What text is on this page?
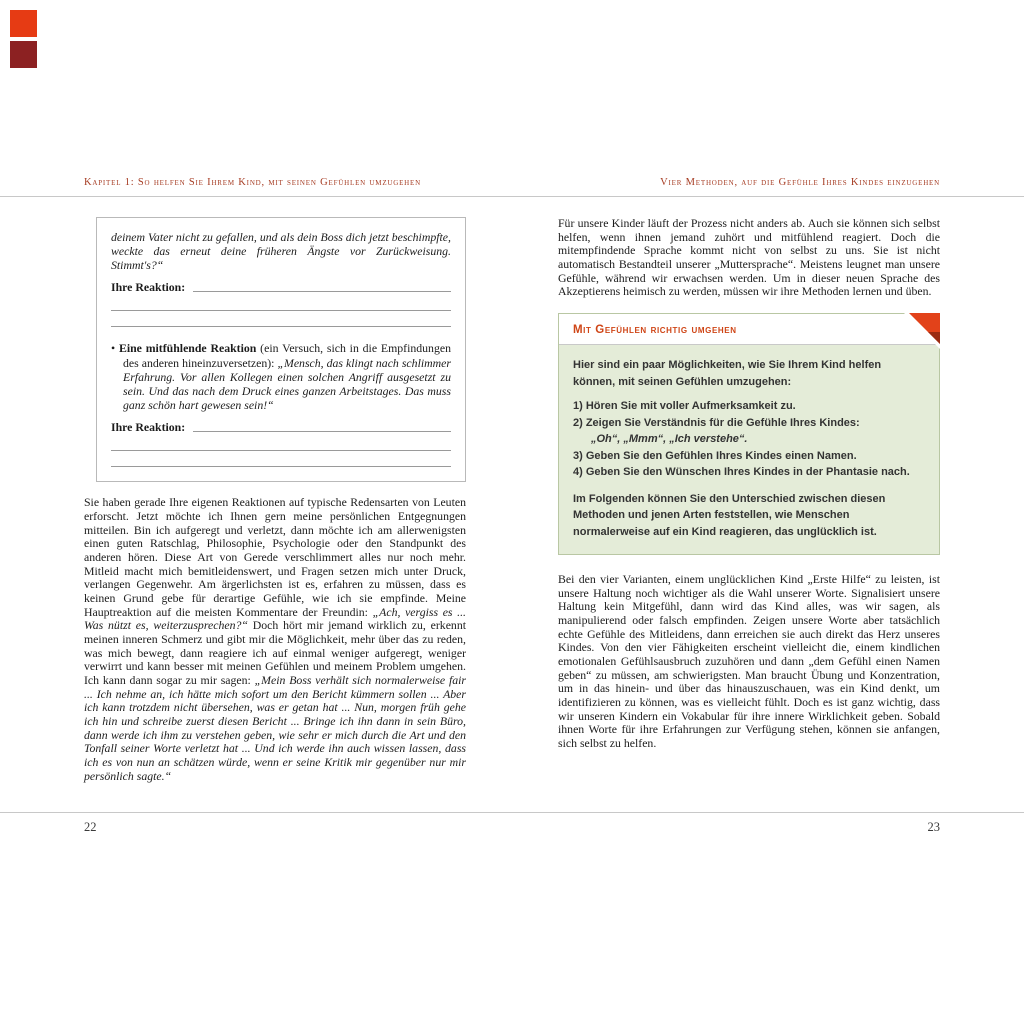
Kapitel 1: So helfen Sie Ihrem Kind, mit seinen Gefühlen umzugehen	Vier Methoden, auf die Gefühle Ihres Kindes einzugehen

deinem Vater nicht zu gefallen, und als dein Boss dich jetzt beschimpfte, weckte das erneut deine früheren Ängste vor Zurückweisung. Stimmt's?“

Ihre Reaktion:

• Eine mitfühlende Reaktion (ein Versuch, sich in die Empfindungen des anderen hineinzuversetzen): „Mensch, das klingt nach schlimmer Erfahrung. Vor allen Kollegen einen solchen Angriff ausgesetzt zu sein. Und das nach dem Druck eines ganzen Arbeitstages. Das muss ganz schön hart gewesen sein!“

Ihre Reaktion:

Sie haben gerade Ihre eigenen Reaktionen auf typische Redensarten von Leuten erforscht. Jetzt möchte ich Ihnen gern meine persönlichen Entgegnungen mitteilen. Bin ich aufgeregt und verletzt, dann möchte ich am allerwenigsten einen guten Ratschlag, Philosophie, Psychologie oder den Standpunkt des anderen hören. Diese Art von Gerede verschlimmert alles nur noch mehr. Mitleid macht mich bemitleidenswert, und Fragen setzen mich unter Druck, verlangen Gegenwehr. Am ärgerlichsten ist es, erfahren zu müssen, dass es keinen Grund gebe für derartige Gefühle, wie ich sie empfinde. Meine Hauptreaktion auf die meisten Kommentare der Freundin: „Ach, vergiss es ... Was nützt es, weiterzusprechen?“ Doch hört mir jemand wirklich zu, erkennt meinen inneren Schmerz und gibt mir die Möglichkeit, mehr über das zu reden, was mich bewegt, dann reagiere ich auf einmal weniger aufgeregt, weniger verwirrt und kann besser mit meinen Gefühlen und meinem Problem umgehen. Ich kann dann sogar zu mir sagen: „Mein Boss verhält sich normalerweise fair ... Ich nehme an, ich hätte mich sofort um den Bericht kümmern sollen ... Aber ich kann trotzdem nicht übersehen, was er getan hat ... Nun, morgen früh gehe ich hin und schreibe zuerst diesen Bericht ... Bringe ich ihn dann in sein Büro, dann werde ich ihm zu verstehen geben, wie sehr er mich durch die Art und den Tonfall seiner Worte verletzt hat ... Und ich werde ihn auch wissen lassen, dass ich es von nun an schätzen würde, wenn er seine Kritik mir gegenüber nur mir persönlich sagte.“

Für unsere Kinder läuft der Prozess nicht anders ab. Auch sie können sich selbst helfen, wenn ihnen jemand zuhört und mitfühlend reagiert. Doch die mitempfindende Sprache kommt nicht von selbst zu uns. Sie ist nicht automatisch Bestandteil unserer „Muttersprache“. Meistens leugnet man unsere Gefühle, während wir erwachsen werden. Um in dieser neuen Sprache des Akzeptierens heimisch zu werden, müssen wir ihre Methoden lernen und üben.

Mit Gefühlen richtig umgehen

Hier sind ein paar Möglichkeiten, wie Sie Ihrem Kind helfen können, mit seinen Gefühlen umzugehen:

1) Hören Sie mit voller Aufmerksamkeit zu.
2) Zeigen Sie Verständnis für die Gefühle Ihres Kindes:
„Oh“, „Mmm“, „Ich verstehe“.
3) Geben Sie den Gefühlen Ihres Kindes einen Namen.
4) Geben Sie den Wünschen Ihres Kindes in der Phantasie nach.

Im Folgenden können Sie den Unterschied zwischen diesen Methoden und jenen Arten feststellen, wie Menschen normalerweise auf ein Kind reagieren, das unglücklich ist.

Bei den vier Varianten, einem unglücklichen Kind „Erste Hilfe“ zu leisten, ist unsere Haltung noch wichtiger als die Wahl unserer Worte. Signalisiert unsere Haltung kein Mitgefühl, dann wird das Kind alles, was wir sagen, als manipulierend oder falsch empfinden. Zeigen unsere Worte aber tatsächlich echte Gefühle des Mitleidens, dann erreichen sie auch direkt das Herz unseres Kindes. Von den vier Fähigkeiten erscheint vielleicht die, einem kindlichen emotionalen Gefühlsausbruch zuzuhören und dann „dem Gefühl einen Namen geben“ zu müssen, am schwierigsten. Man braucht Übung und Konzentration, um in das hinein- und über das hinauszuschauen, was ein Kind denkt, um identifizieren zu können, was es vielleicht fühlt. Doch es ist ganz wichtig, dass wir unseren Kindern ein Vokabular für ihre innere Wirklichkeit geben. Sobald ihnen Worte für ihre Erfahrungen zur Verfügung stehen, können sie anfangen, sich selbst zu helfen.

22	23
